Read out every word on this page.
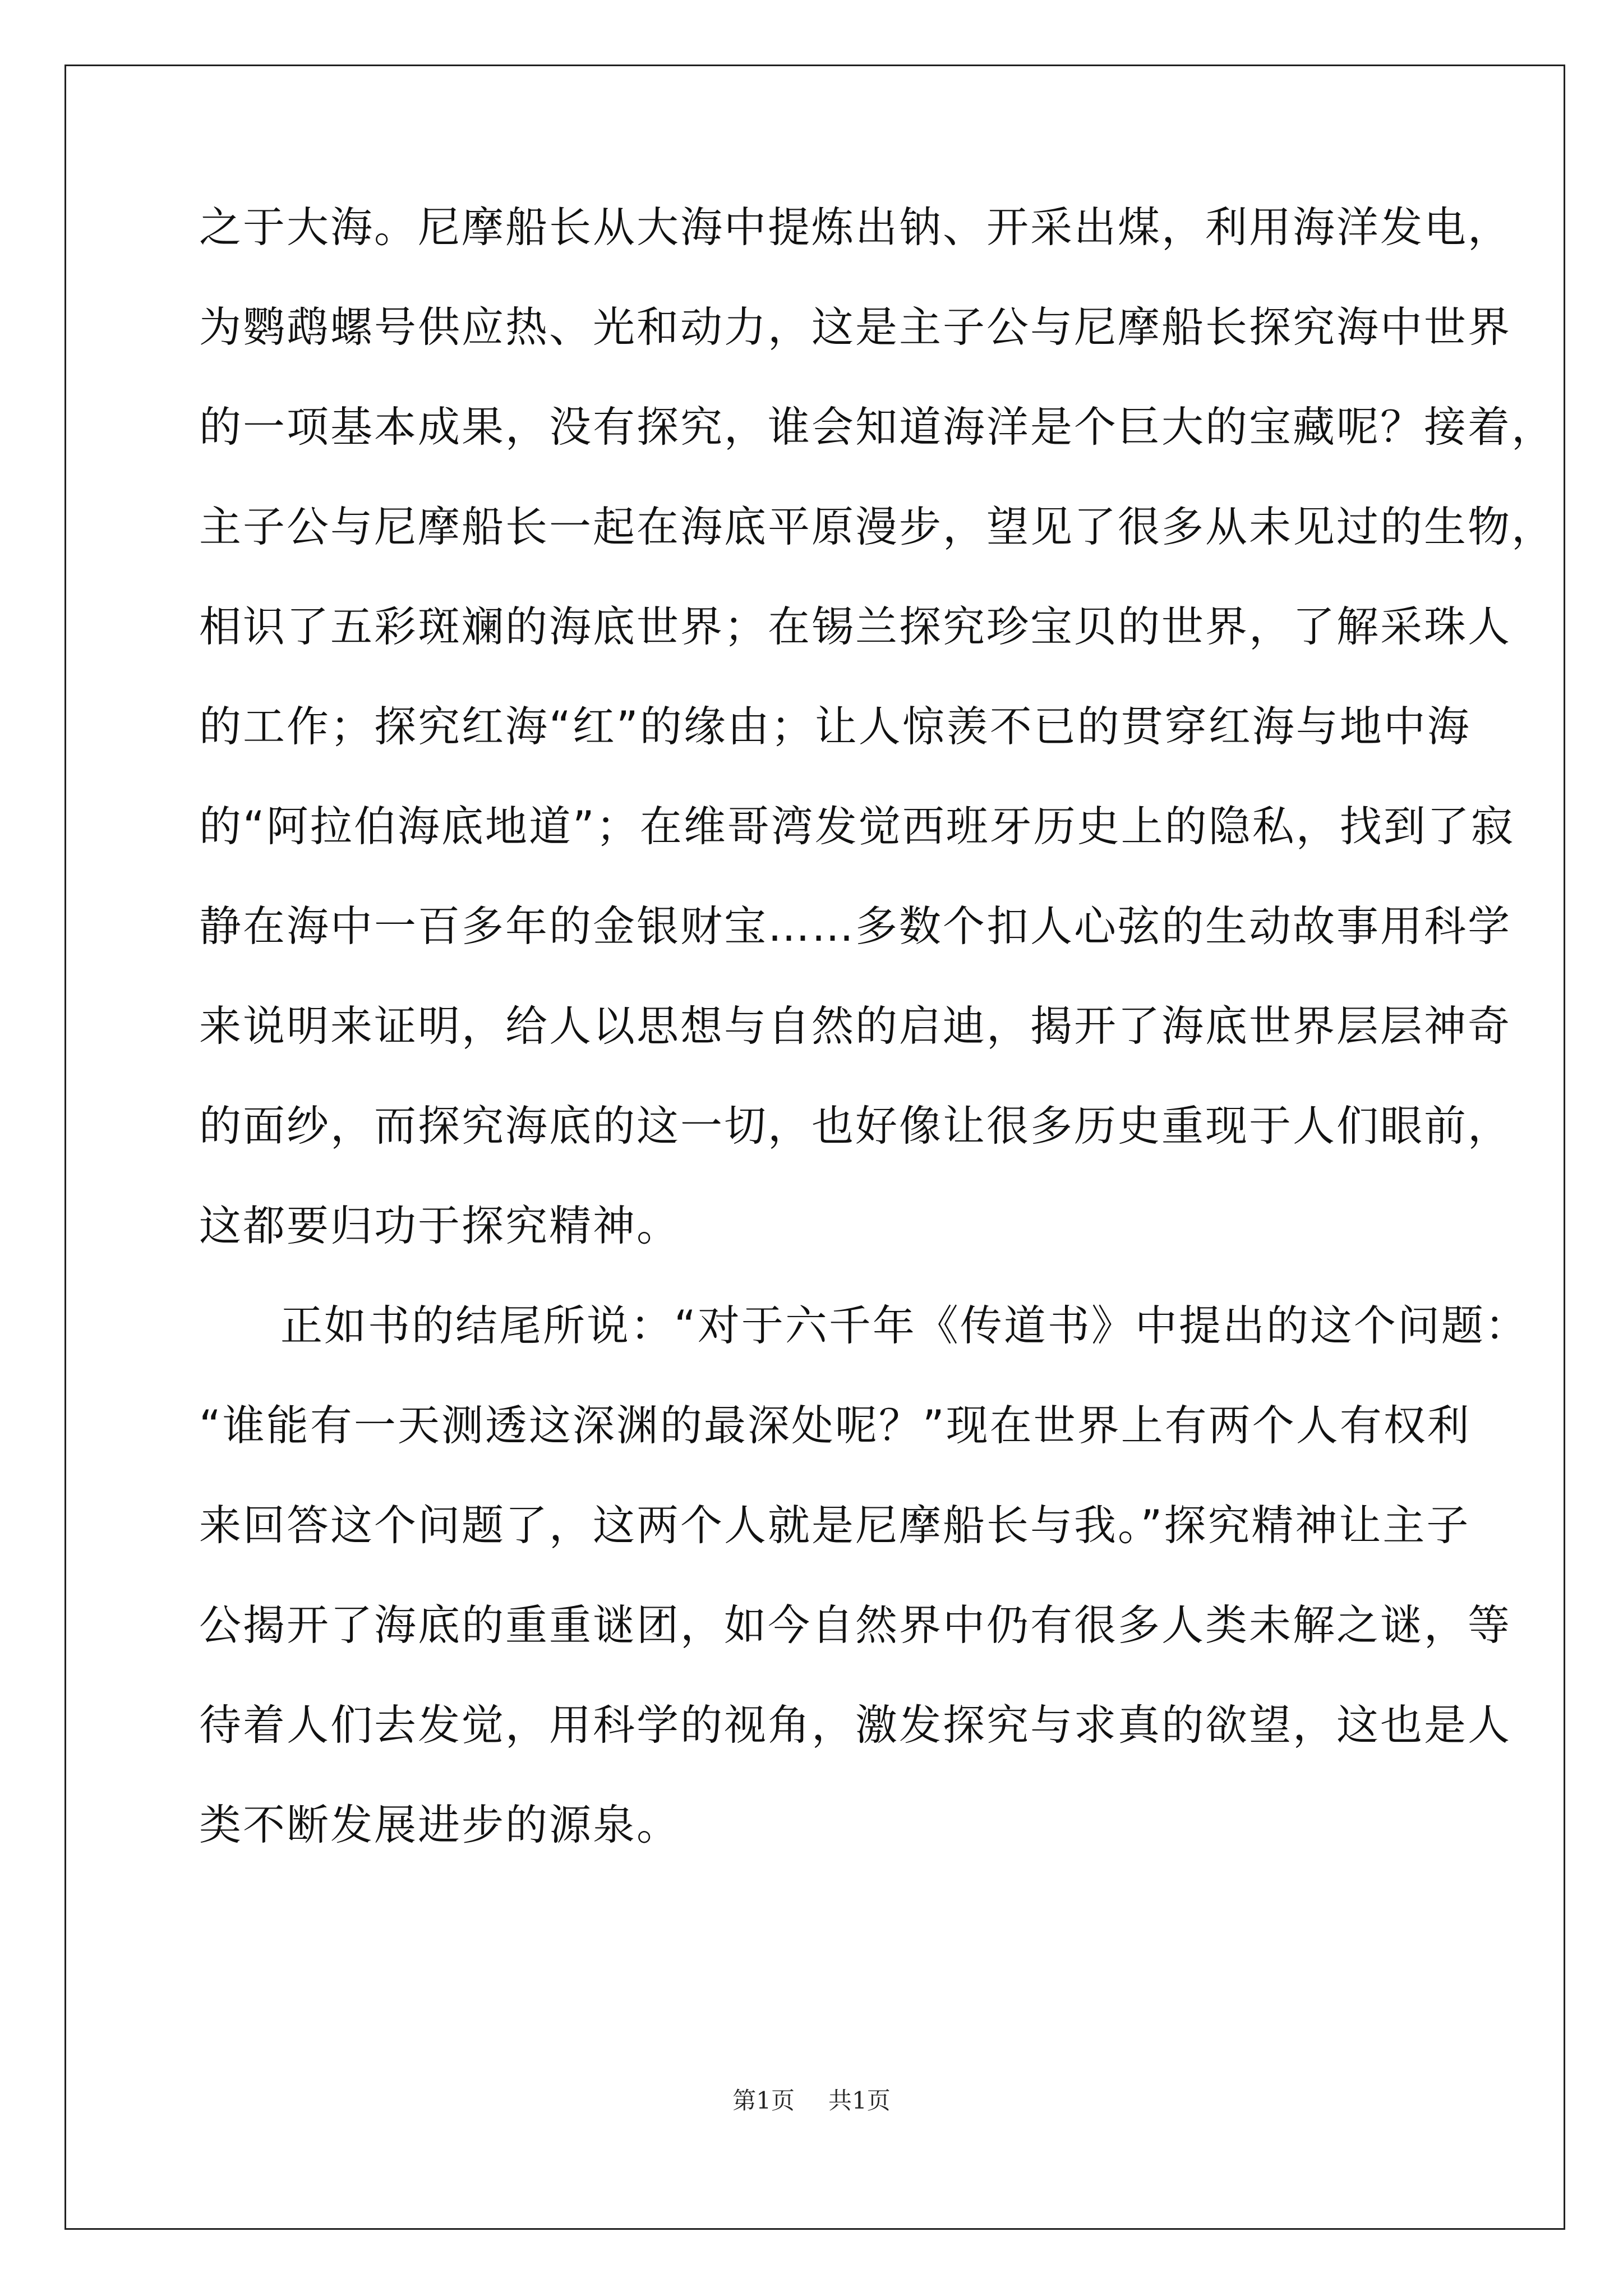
之于大海。尼摩船长从大海中提炼出钠、开采出煤，利用海洋发电，
为鹦鹉螺号供应热、光和动力，这是主子公与尼摩船长探究海中世界
的一项基本成果，没有探究，谁会知道海洋是个巨大的宝藏呢？接着，
主子公与尼摩船长一起在海底平原漫步，望见了很多从未见过的生物，
相识了五彩斑斓的海底世界；在锡兰探究珍宝贝的世界，了解采珠人
的工作；探究红海“红”的缘由；让人惊羡不已的贯穿红海与地中海
的“阿拉伯海底地道”；在维哥湾发觉西班牙历史上的隐私，找到了寂
静在海中一百多年的金银财宝……多数个扣人心弦的生动故事用科学
来说明来证明，给人以思想与自然的启迪，揭开了海底世界层层神奇
的面纱，而探究海底的这一切，也好像让很多历史重现于人们眼前，
这都要归功于探究精神。
正如书的结尾所说：“对于六千年《传道书》中提出的这个问题：
“谁能有一天测透这深渊的最深处呢？”现在世界上有两个人有权利
来回答这个问题了，这两个人就是尼摩船长与我。”探究精神让主子
公揭开了海底的重重谜团，如今自然界中仍有很多人类未解之谜，等
待着人们去发觉，用科学的视角，激发探究与求真的欲望，这也是人
类不断发展进步的源泉。
第1页 共1页
